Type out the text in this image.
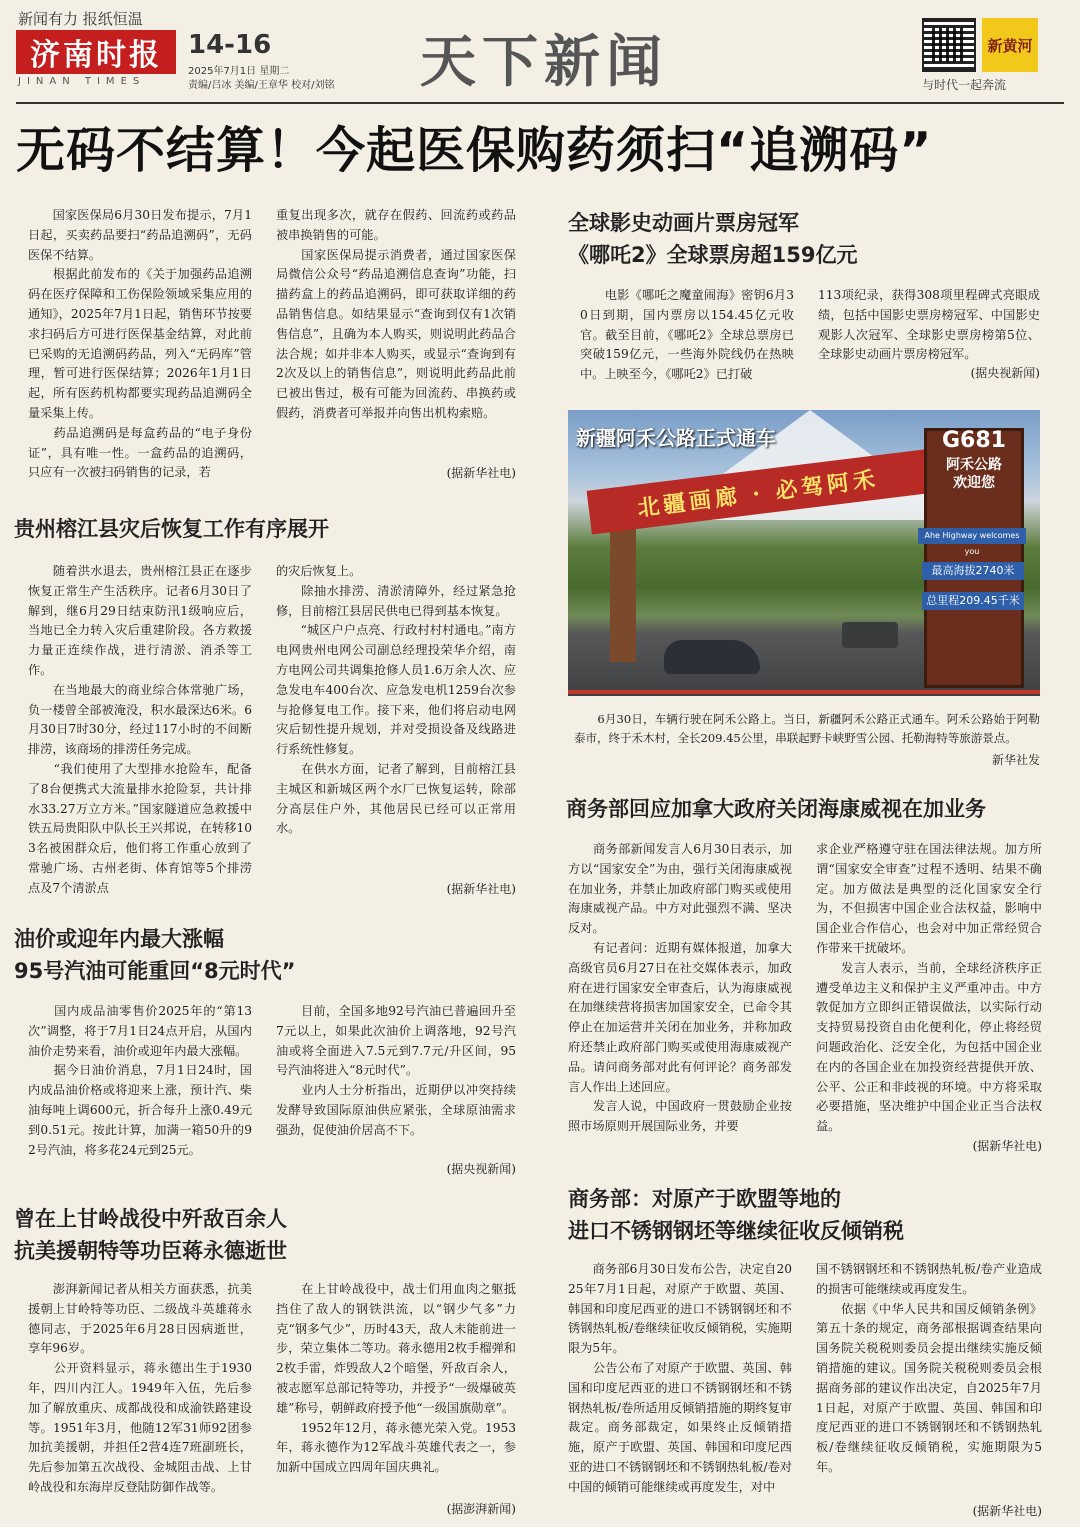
新闻有力 报纸恒温
济南时报
JINAN TIMES
14-16
2025年7月1日 星期二
责编/吕冰 美编/王章华 校对/刘铭 天下新闻	新黄河
与时代一起奔流
无码不结算！今起医保购药须扫“追溯码”
　　国家医保局6月30日发布提示，7月1日起，买卖药品要扫“药品追溯码”，无码医保不结算。
　　根据此前发布的《关于加强药品追溯码在医疗保障和工伤保险领域采集应用的通知》，2025年7月1日起，销售环节按要求扫码后方可进行医保基金结算，对此前已采购的无追溯码药品，列入“无码库”管理，暂可进行医保结算；2026年1月1日起，所有医药机构都要实现药品追溯码全量采集上传。
　　药品追溯码是每盒药品的“电子身份证”，具有唯一性。一盒药品的追溯码，只应有一次被扫码销售的记录，若
重复出现多次，就存在假药、回流药或药品被串换销售的可能。
　　国家医保局提示消费者，通过国家医保局微信公众号“药品追溯信息查询”功能，扫描药盒上的药品追溯码，即可获取详细的药品销售信息。如结果显示“查询到仅有1次销售信息”，且确为本人购买，则说明此药品合法合规；如并非本人购买，或显示“查询到有2次及以上的销售信息”，则说明此药品此前已被出售过，极有可能为回流药、串换药或假药，消费者可举报并向售出机构索赔。
(据新华社电)
贵州榕江县灾后恢复工作有序展开
　　随着洪水退去，贵州榕江县正在逐步恢复正常生产生活秩序。记者6月30日了解到，继6月29日结束防汛1级响应后，当地已全力转入灾后重建阶段。各方救援力量正连续作战，进行清淤、消杀等工作。
　　在当地最大的商业综合体常驰广场，负一楼曾全部被淹没，积水最深达6米。6月30日7时30分，经过117小时的不间断排涝，该商场的排涝任务完成。
　　“我们使用了大型排水抢险车，配备了8台便携式大流量排水抢险泵，共计排水33.27万立方米。”国家隧道应急救援中铁五局贵阳队中队长王兴邦说，在转移103名被困群众后，他们将工作重心放到了常驰广场、古州老街、体育馆等5个排涝点及7个清淤点
的灾后恢复上。
　　除抽水排涝、清淤清障外，经过紧急抢修，目前榕江县居民供电已得到基本恢复。
　　“城区户户点亮、行政村村村通电。”南方电网贵州电网公司副总经理投荣华介绍，南方电网公司共调集抢修人员1.6万余人次、应急发电车400台次、应急发电机1259台次参与抢修复电工作。接下来，他们将启动电网灾后韧性提升规划，并对受损设备及线路进行系统性修复。
　　在供水方面，记者了解到，目前榕江县主城区和新城区两个水厂已恢复运转，除部分高层住户外，其他居民已经可以正常用水。
(据新华社电)
油价或迎年内最大涨幅
95号汽油可能重回“8元时代”
　　国内成品油零售价2025年的“第13次”调整，将于7月1日24点开启，从国内油价走势来看，油价或迎年内最大涨幅。
　　据今日油价消息，7月1日24时，国内成品油价格或将迎来上涨，预计汽、柴油每吨上调600元，折合每升上涨0.49元到0.51元。按此计算，加满一箱50升的92号汽油，将多花24元到25元。
　　目前，全国多地92号汽油已普遍回升至7元以上，如果此次油价上调落地，92号汽油或将全面进入7.5元到7.7元/升区间，95号汽油将进入“8元时代”。
　　业内人士分析指出，近期伊以冲突持续发酵导致国际原油供应紧张，全球原油需求强劲，促使油价居高不下。
(据央视新闻)
曾在上甘岭战役中歼敌百余人
抗美援朝特等功臣蒋永德逝世
　　澎湃新闻记者从相关方面获悉，抗美援朝上甘岭特等功臣、二级战斗英雄蒋永德同志，于2025年6月28日因病逝世，享年96岁。
　　公开资料显示，蒋永德出生于1930年，四川内江人。1949年入伍，先后参加了解放重庆、成都战役和成渝铁路建设等。1951年3月，他随12军31师92团参加抗美援朝，并担任2营4连7班副班长，先后参加第五次战役、金城阻击战、上甘岭战役和东海岸反登陆防御作战等。
　　在上甘岭战役中，战士们用血肉之躯抵挡住了敌人的钢铁洪流，以“钢少气多”力克“钢多气少”，历时43天，敌人未能前进一步，荣立集体二等功。蒋永德用2枚手榴弹和2枚手雷，炸毁敌人2个暗堡，歼敌百余人，被志愿军总部记特等功，并授予“一级爆破英雄”称号，朝鲜政府授予他“一级国旗勋章”。
　　1952年12月，蒋永德光荣入党。1953年，蒋永德作为12军战斗英雄代表之一，参加新中国成立四周年国庆典礼。
(据澎湃新闻)
全球影史动画片票房冠军
《哪吒2》全球票房超159亿元
　　电影《哪吒之魔童闹海》密钥6月30日到期，国内票房以154.45亿元收官。截至目前，《哪吒2》全球总票房已突破159亿元，一些海外院线仍在热映中。上映至今，《哪吒2》已打破
113项纪录，获得308项里程碑式亮眼成绩，包括中国影史票房榜冠军、中国影史观影人次冠军、全球影史票房榜第5位、全球影史动画片票房榜冠军。
(据央视新闻)
北疆画廊 · 必驾阿禾
G681
阿禾公路
欢迎您
Ahe Highway welcomes you
最高海拔2740米
总里程209.45千米
新疆阿禾公路正式通车
　　6月30日，车辆行驶在阿禾公路上。当日，新疆阿禾公路正式通车。阿禾公路始于阿勒泰市，终于禾木村，全长209.45公里，串联起野卡峡野雪公园、托勒海特等旅游景点。
新华社发
商务部回应加拿大政府关闭海康威视在加业务
　　商务部新闻发言人6月30日表示，加方以“国家安全”为由，强行关闭海康威视在加业务，并禁止加政府部门购买或使用海康威视产品。中方对此强烈不满、坚决反对。
　　有记者问：近期有媒体报道，加拿大高级官员6月27日在社交媒体表示，加政府在进行国家安全审查后，认为海康威视在加继续营将损害加国家安全，已命令其停止在加运营并关闭在加业务，并称加政府还禁止政府部门购买或使用海康威视产品。请问商务部对此有何评论？商务部发言人作出上述回应。
　　发言人说，中国政府一贯鼓励企业按照市场原则开展国际业务，并要
求企业严格遵守驻在国法律法规。加方所谓“国家安全审查”过程不透明、结果不确定。加方做法是典型的泛化国家安全行为，不但损害中国企业合法权益，影响中国企业合作信心，也会对中加正常经贸合作带来干扰破坏。
　　发言人表示，当前，全球经济秩序正遭受单边主义和保护主义严重冲击。中方敦促加方立即纠正错误做法，以实际行动支持贸易投资自由化便利化，停止将经贸问题政治化、泛安全化，为包括中国企业在内的各国企业在加投资经营提供开放、公平、公正和非歧视的环境。中方将采取必要措施，坚决维护中国企业正当合法权益。
(据新华社电)
商务部：对原产于欧盟等地的
进口不锈钢钢坯等继续征收反倾销税
　　商务部6月30日发布公告，决定自2025年7月1日起，对原产于欧盟、英国、韩国和印度尼西亚的进口不锈钢钢坯和不锈钢热轧板/卷继续征收反倾销税，实施期限为5年。
　　公告公布了对原产于欧盟、英国、韩国和印度尼西亚的进口不锈钢钢坯和不锈钢热轧板/卷所适用反倾销措施的期终复审裁定。商务部裁定，如果终止反倾销措施，原产于欧盟、英国、韩国和印度尼西亚的进口不锈钢钢坯和不锈钢热轧板/卷对中国的倾销可能继续或再度发生，对中
国不锈钢钢坯和不锈钢热轧板/卷产业造成的损害可能继续或再度发生。
　　依据《中华人民共和国反倾销条例》第五十条的规定，商务部根据调查结果向国务院关税税则委员会提出继续实施反倾销措施的建议。国务院关税税则委员会根据商务部的建议作出决定，自2025年7月1日起，对原产于欧盟、英国、韩国和印度尼西亚的进口不锈钢钢坯和不锈钢热轧板/卷继续征收反倾销税，实施期限为5年。
(据新华社电)
